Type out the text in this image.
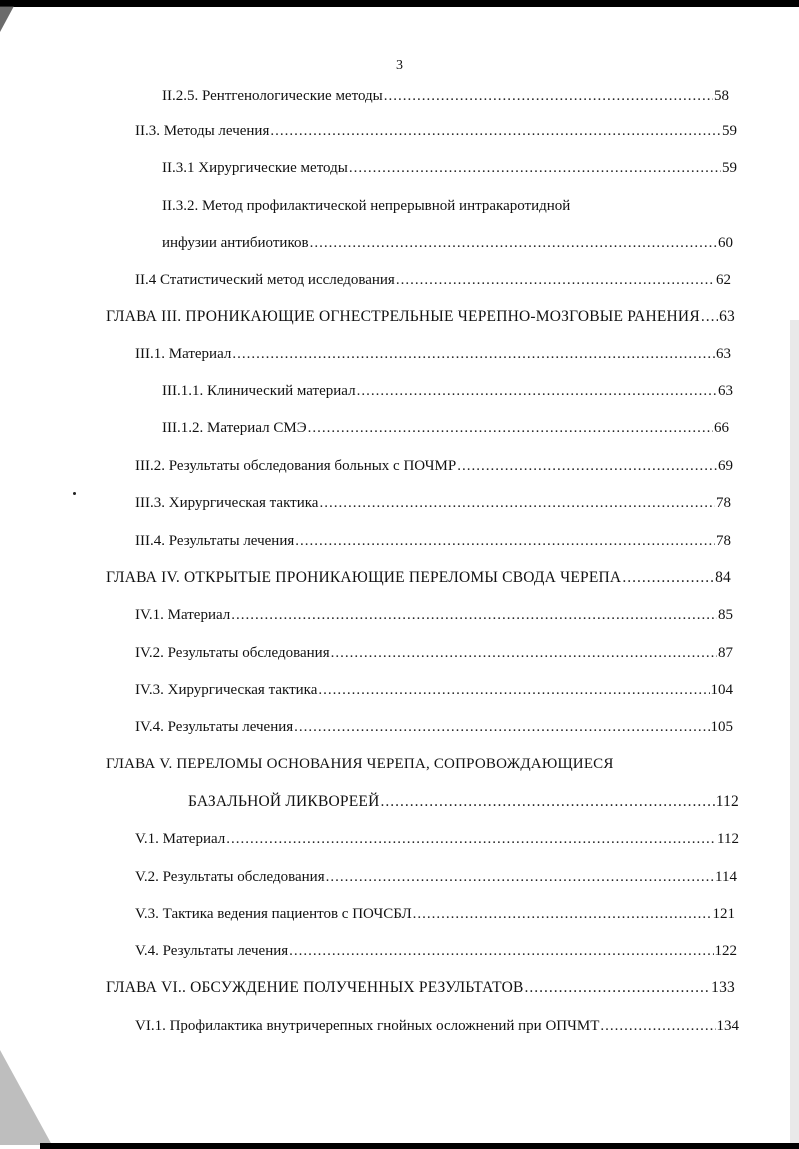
3
II.2.5. Рентгенологические методы .....	58
II.3. Методы лечения .....	59
II.3.1 Хирургические методы .....	59
II.3.2. Метод профилактической непрерывной интракаротидной
инфузии антибиотиков .....	60
II.4 Статистический метод исследования .....	62
ГЛАВА III. ПРОНИКАЮЩИЕ ОГНЕСТРЕЛЬНЫЕ ЧЕРЕПНО-МОЗГОВЫЕ РАНЕНИЯ ..... 63
III.1. Материал .....	63
III.1.1. Клинический материал .....	63
III.1.2. Материал СМЭ .....	66
III.2. Результаты обследования больных с ПОЧМР .....	69
III.3. Хирургическая тактика .....	78
III.4. Результаты лечения .....	78
ГЛАВА IV. ОТКРЫТЫЕ ПРОНИКАЮЩИЕ ПЕРЕЛОМЫ СВОДА ЧЕРЕПА .....	84
IV.1. Материал .....	85
IV.2. Результаты обследования .....	87
IV.3. Хирургическая тактика .....	104
IV.4. Результаты лечения .....	105
ГЛАВА V. ПЕРЕЛОМЫ ОСНОВАНИЯ ЧЕРЕПА, СОПРОВОЖДАЮЩИЕСЯ
БАЗАЛЬНОЙ ЛИКВОРЕЕЙ .....	112
V.1. Материал .....	112
V.2. Результаты обследования .....	114
V.3. Тактика ведения пациентов с ПОЧСБЛ .....	121
V.4. Результаты лечения .....	122
ГЛАВА VI.. ОБСУЖДЕНИЕ ПОЛУЧЕННЫХ РЕЗУЛЬТАТОВ .....	133
VI.1. Профилактика внутричерепных гнойных осложнений при ОПЧМТ .....	134
